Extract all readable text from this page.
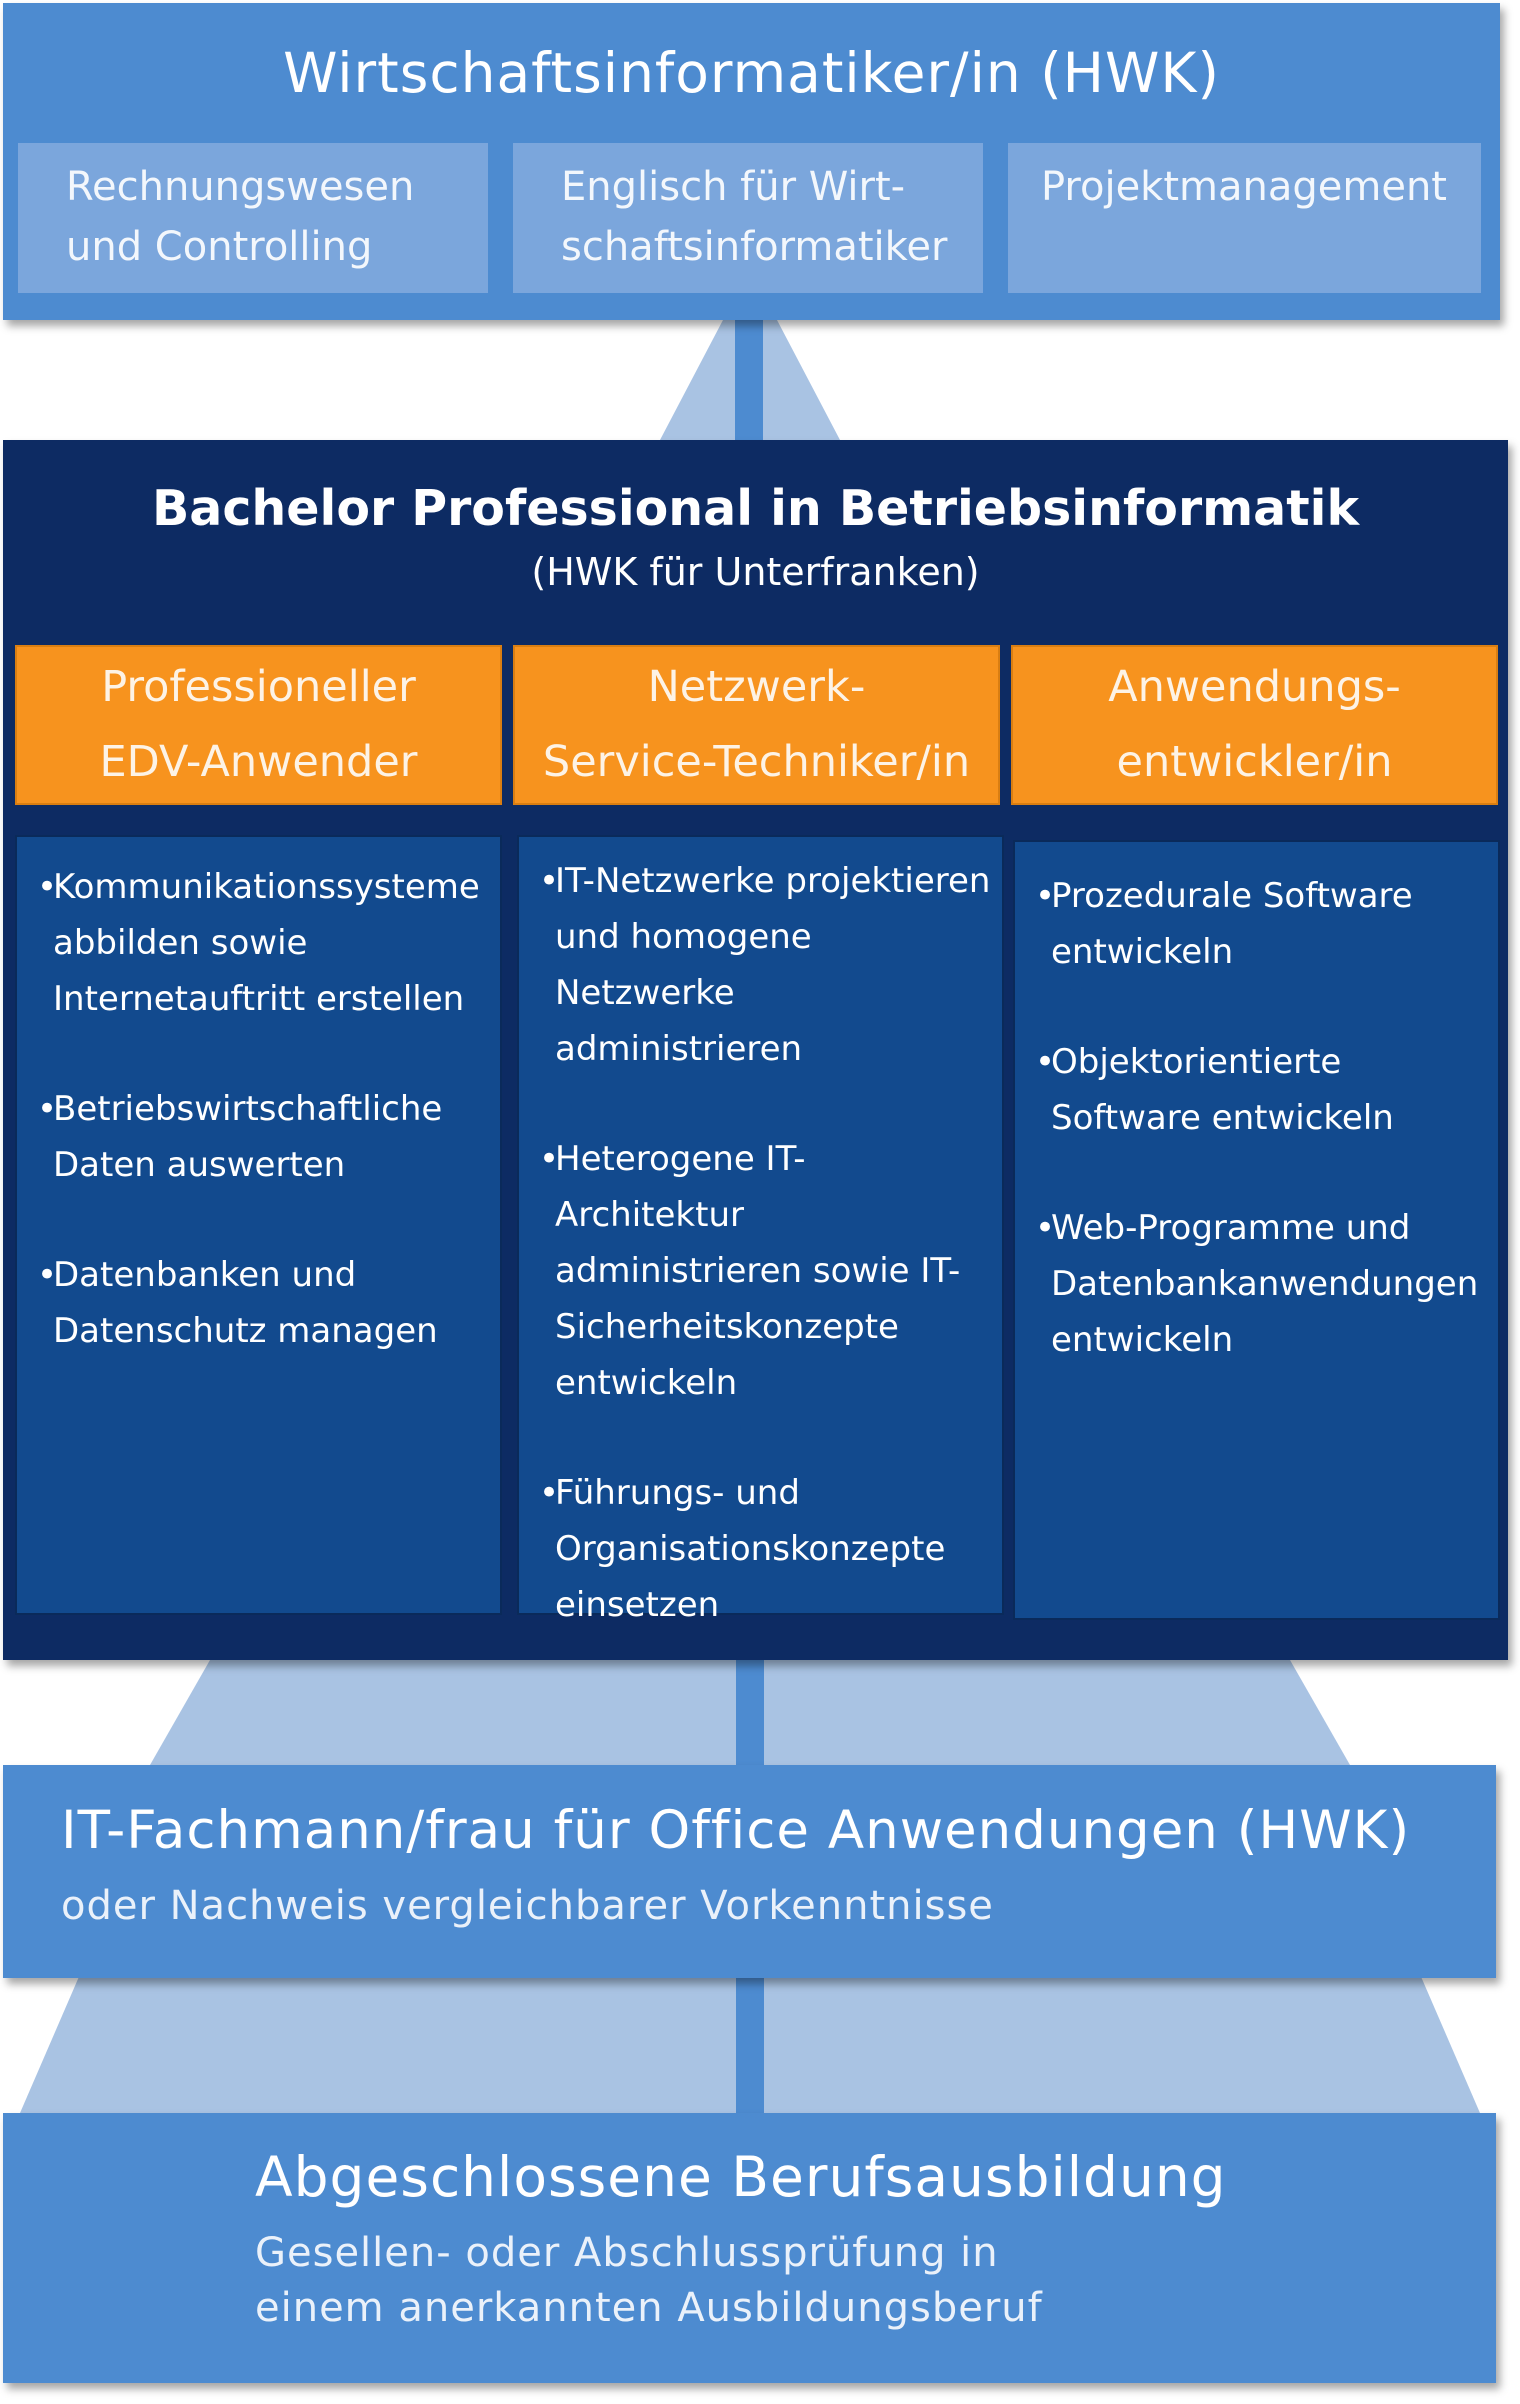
Wirtschaftsinformatiker/in (HWK)
Rechnungswesen
und Controlling
Englisch für Wirt-
schaftsinformatiker
Projektmanagement
Bachelor Professional in Betriebsinformatik
(HWK für Unterfranken)
Professioneller
EDV-Anwender
Netzwerk-
Service-Techniker/in
Anwendungs-
entwickler/in
• Kommunikationssysteme abbilden sowie Internetauftritt erstellen
• Betriebswirtschaftliche Daten auswerten
• Datenbanken und Datenschutz managen
• IT-Netzwerke projektieren und homogene Netzwerke administrieren
• Heterogene IT-Architektur administrieren sowie IT-Sicherheitskonzepte entwickeln
• Führungs- und Organisationskonzepte einsetzen
• Prozedurale Software entwickeln
• Objektorientierte Software entwickeln
• Web-Programme und Datenbankanwendungen entwickeln
IT-Fachmann/frau für Office Anwendungen (HWK)
oder Nachweis vergleichbarer Vorkenntnisse
Abgeschlossene Berufsausbildung
Gesellen- oder Abschlussprüfung in
einem anerkannten Ausbildungsberuf
